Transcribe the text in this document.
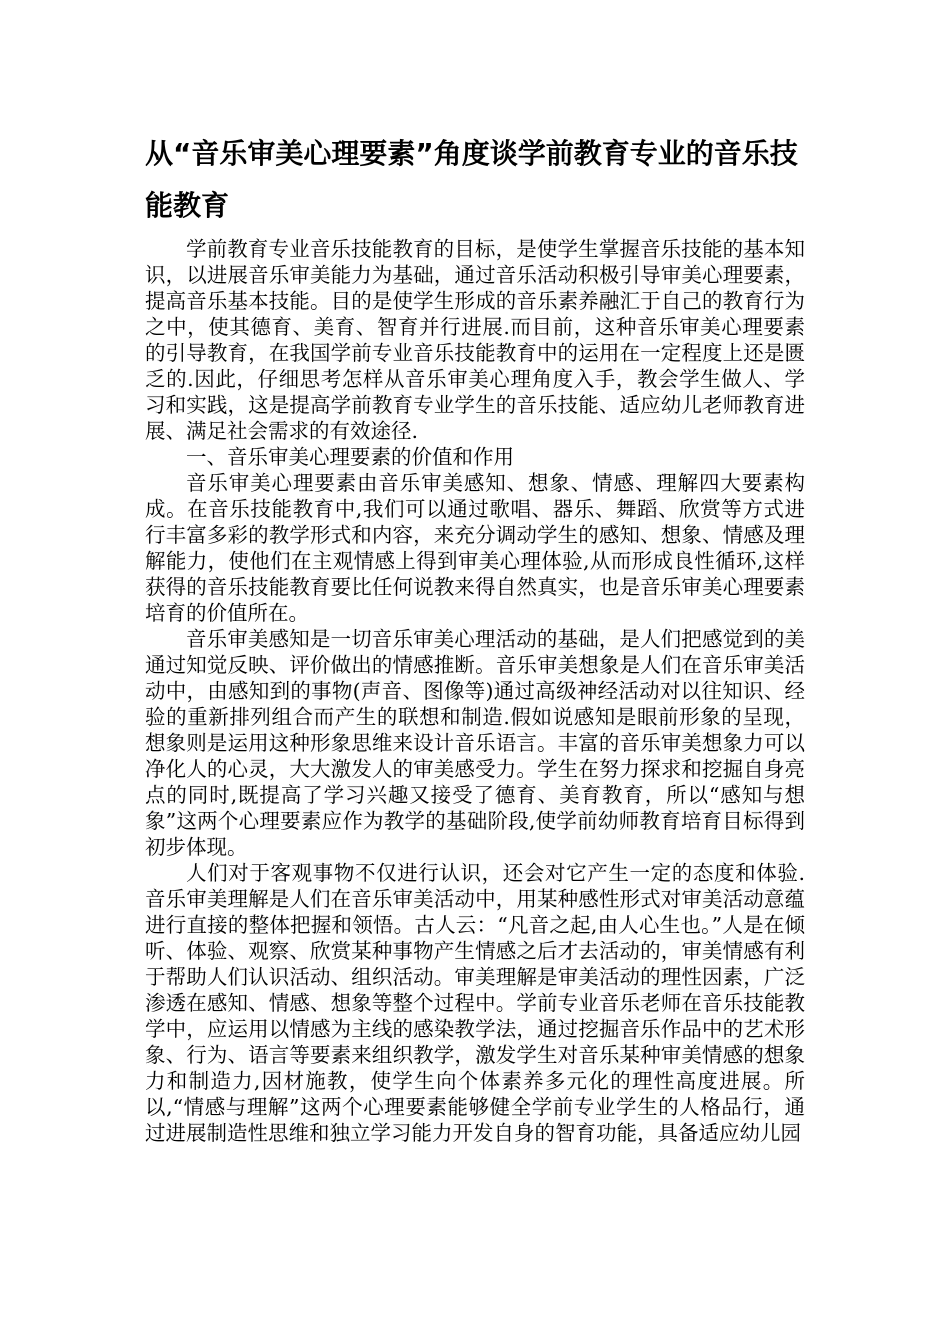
从“音乐审美心理要素”角度谈学前教育专业的音乐技能教育

学前教育专业音乐技能教育的目标，是使学生掌握音乐技能的基本知识，以进展音乐审美能力为基础，通过音乐活动积极引导审美心理要素，提高音乐基本技能。目的是使学生形成的音乐素养融汇于自己的教育行为之中，使其德育、美育、智育并行进展.而目前，这种音乐审美心理要素的引导教育，在我国学前专业音乐技能教育中的运用在一定程度上还是匮乏的.因此，仔细思考怎样从音乐审美心理角度入手，教会学生做人、学习和实践，这是提高学前教育专业学生的音乐技能、适应幼儿老师教育进展、满足社会需求的有效途径.

一、音乐审美心理要素的价值和作用

音乐审美心理要素由音乐审美感知、想象、情感、理解四大要素构成。在音乐技能教育中,我们可以通过歌唱、器乐、舞蹈、欣赏等方式进行丰富多彩的教学形式和内容，来充分调动学生的感知、想象、情感及理解能力，使他们在主观情感上得到审美心理体验,从而形成良性循环,这样获得的音乐技能教育要比任何说教来得自然真实，也是音乐审美心理要素培育的价值所在。

音乐审美感知是一切音乐审美心理活动的基础，是人们把感觉到的美通过知觉反映、评价做出的情感推断。音乐审美想象是人们在音乐审美活动中，由感知到的事物(声音、图像等)通过高级神经活动对以往知识、经验的重新排列组合而产生的联想和制造.假如说感知是眼前形象的呈现，想象则是运用这种形象思维来设计音乐语言。丰富的音乐审美想象力可以净化人的心灵，大大激发人的审美感受力。学生在努力探求和挖掘自身亮点的同时,既提高了学习兴趣又接受了德育、美育教育，所以“感知与想象”这两个心理要素应作为教学的基础阶段,使学前幼师教育培育目标得到初步体现。

人们对于客观事物不仅进行认识，还会对它产生一定的态度和体验.音乐审美理解是人们在音乐审美活动中，用某种感性形式对审美活动意蕴进行直接的整体把握和领悟。古人云：“凡音之起,由人心生也。”人是在倾听、体验、观察、欣赏某种事物产生情感之后才去活动的，审美情感有利于帮助人们认识活动、组织活动。审美理解是审美活动的理性因素，广泛渗透在感知、情感、想象等整个过程中。学前专业音乐老师在音乐技能教学中，应运用以情感为主线的感染教学法，通过挖掘音乐作品中的艺术形象、行为、语言等要素来组织教学，激发学生对音乐某种审美情感的想象力和制造力,因材施教，使学生向个体素养多元化的理性高度进展。所以,“情感与理解”这两个心理要素能够健全学前专业学生的人格品行，通过进展制造性思维和独立学习能力开发自身的智育功能，具备适应幼儿园
